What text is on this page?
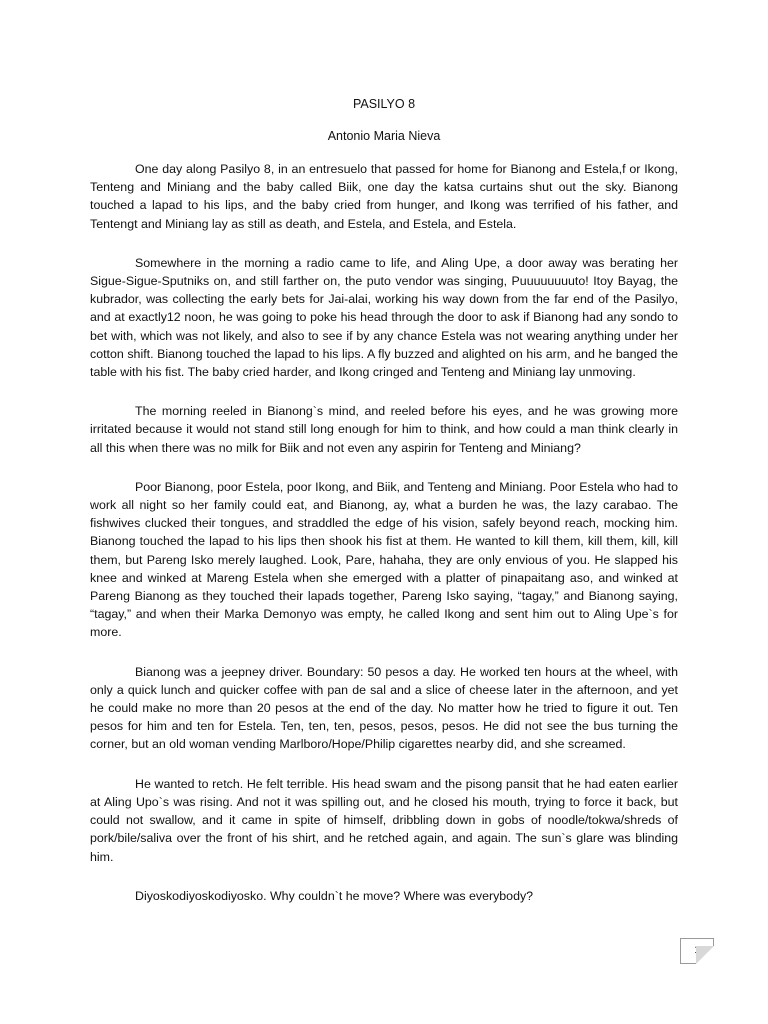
PASILYO 8
Antonio Maria Nieva

One day along Pasilyo 8, in an entresuelo that passed for home for Bianong and Estela,f or Ikong, Tenteng and Miniang and the baby called Biik, one day the katsa curtains shut out the sky. Bianong touched a lapad to his lips, and the baby cried from hunger, and Ikong was terrified of his father, and Tentengt and Miniang lay as still as death, and Estela, and Estela, and Estela.

Somewhere in the morning a radio came to life, and Aling Upe, a door away was berating her Sigue-Sigue-Sputniks on, and still farther on, the puto vendor was singing, Puuuuuuuuto! Itoy Bayag, the kubrador, was collecting the early bets for Jai-alai, working his way down from the far end of the Pasilyo, and at exactly12 noon, he was going to poke his head through the door to ask if Bianong had any sondo to bet with, which was not likely, and also to see if by any chance Estela was not wearing anything under her cotton shift. Bianong touched the lapad to his lips. A fly buzzed and alighted on his arm, and he banged the table with his fist. The baby cried harder, and Ikong cringed and Tenteng and Miniang lay unmoving.

The morning reeled in Bianong`s mind, and reeled before his eyes, and he was growing more irritated because it would not stand still long enough for him to think, and how could a man think clearly in all this when there was no milk for Biik and not even any aspirin for Tenteng and Miniang?

Poor Bianong, poor Estela, poor Ikong, and Biik, and Tenteng and Miniang. Poor Estela who had to work all night so her family could eat, and Bianong, ay, what a burden he was, the lazy carabao. The fishwives clucked their tongues, and straddled the edge of his vision, safely beyond reach, mocking him. Bianong touched the lapad to his lips then shook his fist at them. He wanted to kill them, kill them, kill, kill them, but Pareng Isko merely laughed. Look, Pare, hahaha, they are only envious of you. He slapped his knee and winked at Mareng Estela when she emerged with a platter of pinapaitang aso, and winked at Pareng Bianong as they touched their lapads together, Pareng Isko saying, “tagay,” and Bianong saying, “tagay,” and when their Marka Demonyo was empty, he called Ikong and sent him out to Aling Upe`s for more.

Bianong was a jeepney driver. Boundary: 50 pesos a day. He worked ten hours at the wheel, with only a quick lunch and quicker coffee with pan de sal and a slice of cheese later in the afternoon, and yet he could make no more than 20 pesos at the end of the day. No matter how he tried to figure it out. Ten pesos for him and ten for Estela. Ten, ten, ten, pesos, pesos, pesos. He did not see the bus turning the corner, but an old woman vending Marlboro/Hope/Philip cigarettes nearby did, and she screamed.

He wanted to retch. He felt terrible. His head swam and the pisong pansit that he had eaten earlier at Aling Upo`s was rising. And not it was spilling out, and he closed his mouth, trying to force it back, but could not swallow, and it came in spite of himself, dribbling down in gobs of noodle/tokwa/shreds of pork/bile/saliva over the front of his shirt, and he retched again, and again. The sun`s glare was blinding him.

Diyoskodiyoskodiyosko. Why couldn`t he move? Where was everybody?

1
